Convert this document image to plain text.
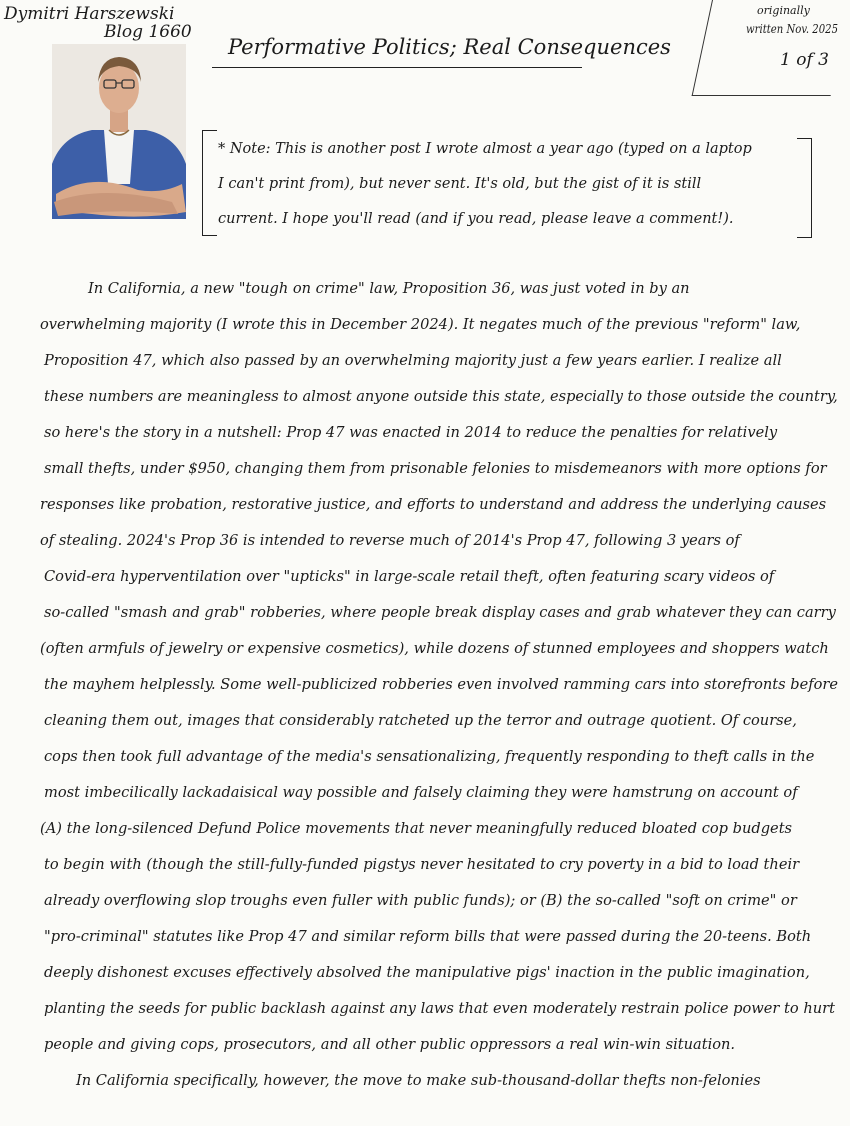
Dymitri Harszewski
Blog 1660
Performative Politics; Real Consequences
originally
written Nov. 2025
1 of 3
* Note: This is another post I wrote almost a year ago (typed on a laptop
I can't print from), but never sent. It's old, but the gist of it is still
current. I hope you'll read (and if you read, please leave a comment!).
In California, a new "tough on crime" law, Proposition 36, was just voted in by an
overwhelming majority (I wrote this in December 2024). It negates much of the previous "reform" law,
Proposition 47, which also passed by an overwhelming majority just a few years earlier. I realize all
these numbers are meaningless to almost anyone outside this state, especially to those outside the country,
so here's the story in a nutshell: Prop 47 was enacted in 2014 to reduce the penalties for relatively
small thefts, under $950, changing them from prisonable felonies to misdemeanors with more options for
responses like probation, restorative justice, and efforts to understand and address the underlying causes
of stealing. 2024's Prop 36 is intended to reverse much of 2014's Prop 47, following 3 years of
Covid-era hyperventilation over "upticks" in large-scale retail theft, often featuring scary videos of
so-called "smash and grab" robberies, where people break display cases and grab whatever they can carry
(often armfuls of jewelry or expensive cosmetics), while dozens of stunned employees and shoppers watch
the mayhem helplessly. Some well-publicized robberies even involved ramming cars into storefronts before
cleaning them out, images that considerably ratcheted up the terror and outrage quotient. Of course,
cops then took full advantage of the media's sensationalizing, frequently responding to theft calls in the
most imbecilically lackadaisical way possible and falsely claiming they were hamstrung on account of
(A) the long-silenced Defund Police movements that never meaningfully reduced bloated cop budgets
to begin with (though the still-fully-funded pigstys never hesitated to cry poverty in a bid to load their
already overflowing slop troughs even fuller with public funds); or (B) the so-called "soft on crime" or
"pro-criminal" statutes like Prop 47 and similar reform bills that were passed during the 20-teens. Both
deeply dishonest excuses effectively absolved the manipulative pigs' inaction in the public imagination,
planting the seeds for public backlash against any laws that even moderately restrain police power to hurt
people and giving cops, prosecutors, and all other public oppressors a real win-win situation.
In California specifically, however, the move to make sub-thousand-dollar thefts non-felonies
